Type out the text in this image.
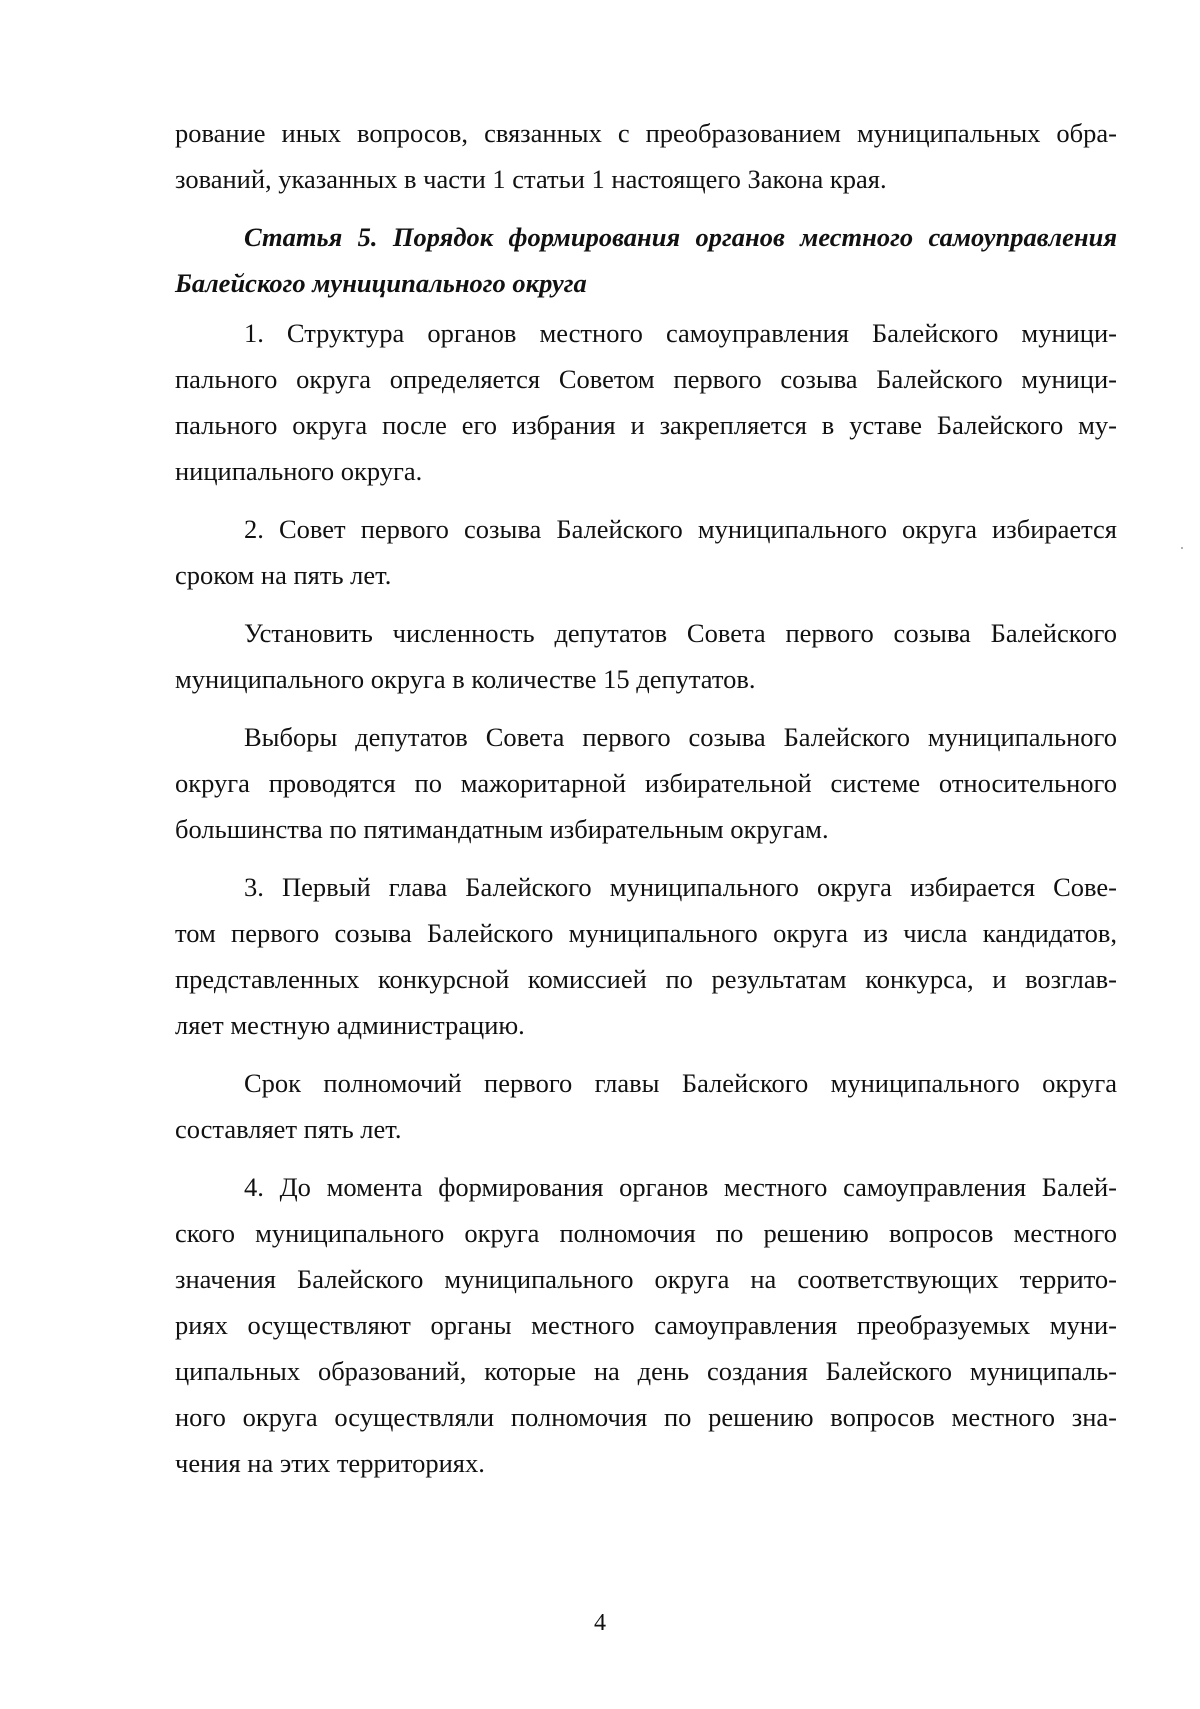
рование иных вопросов, связанных с преобразованием муниципальных обра-
зований, указанных в части 1 статьи 1 настоящего Закона края.
Статья 5. Порядок формирования органов местного самоуправления
Балейского муниципального округа
1. Структура органов местного самоуправления Балейского муници-
пального округа определяется Советом первого созыва Балейского муници-
пального округа после его избрания и закрепляется в уставе Балейского му-
ниципального округа.
2. Совет первого созыва Балейского муниципального округа избирается
сроком на пять лет.
Установить численность депутатов Совета первого созыва Балейского
муниципального округа в количестве 15 депутатов.
Выборы депутатов Совета первого созыва Балейского муниципального
округа проводятся по мажоритарной избирательной системе относительного
большинства по пятимандатным избирательным округам.
3. Первый глава Балейского муниципального округа избирается Сове-
том первого созыва Балейского муниципального округа из числа кандидатов,
представленных конкурсной комиссией по результатам конкурса, и возглав-
ляет местную администрацию.
Срок полномочий первого главы Балейского муниципального округа
составляет пять лет.
4. До момента формирования органов местного самоуправления Балей-
ского муниципального округа полномочия по решению вопросов местного
значения Балейского муниципального округа на соответствующих террито-
риях осуществляют органы местного самоуправления преобразуемых муни-
ципальных образований, которые на день создания Балейского муниципаль-
ного округа осуществляли полномочия по решению вопросов местного зна-
чения на этих территориях.
4
